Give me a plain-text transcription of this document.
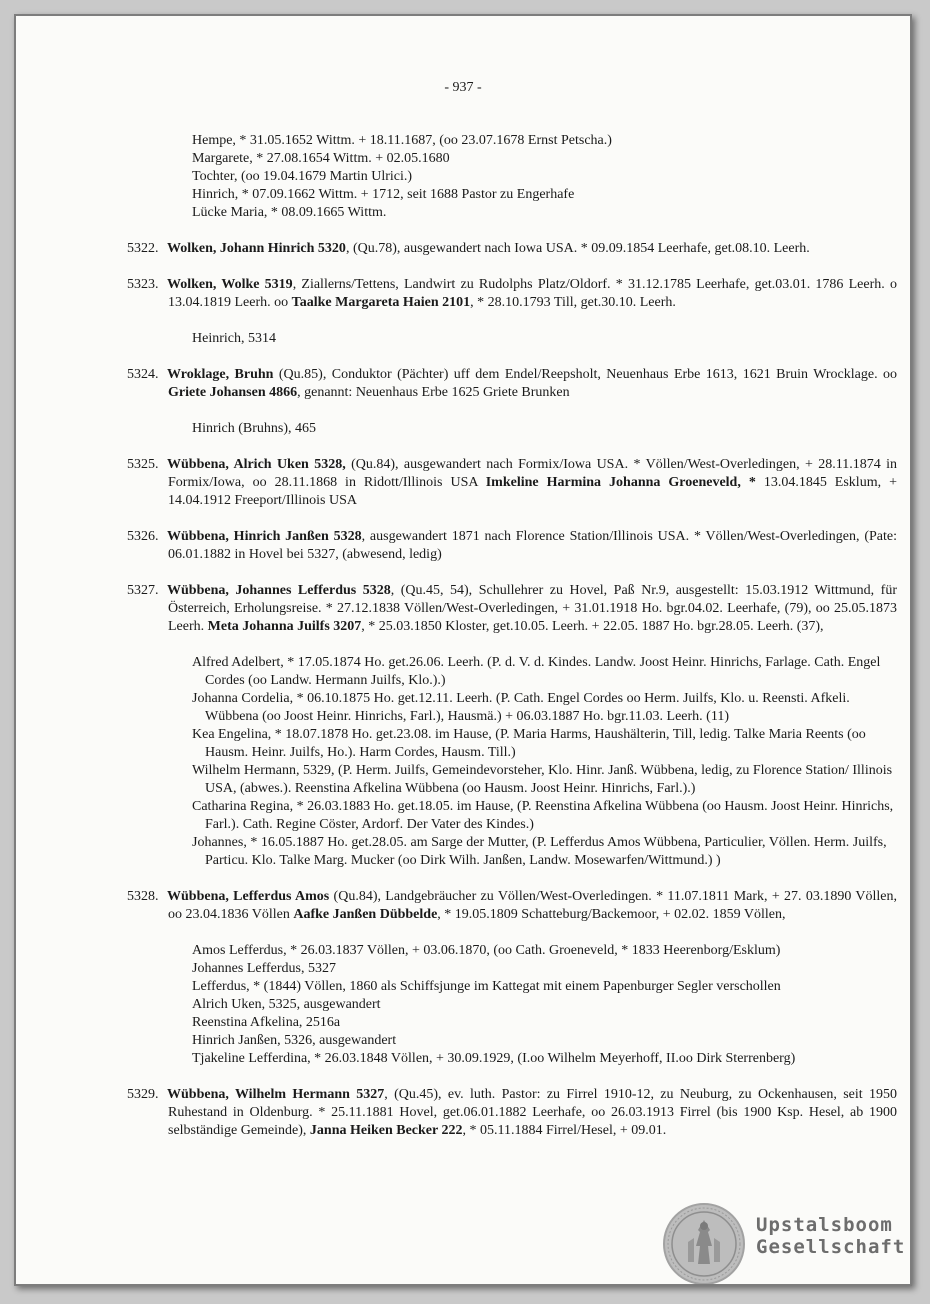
- 937 -
Hempe, * 31.05.1652 Wittm. + 18.11.1687, (oo 23.07.1678 Ernst Petscha.)
Margarete, * 27.08.1654 Wittm. + 02.05.1680
Tochter, (oo 19.04.1679 Martin Ulrici.)
Hinrich, * 07.09.1662 Wittm. + 1712, seit 1688 Pastor zu Engerhafe
Lücke Maria, * 08.09.1665 Wittm.
5322. Wolken, Johann Hinrich 5320, (Qu.78), ausgewandert nach Iowa USA. * 09.09.1854 Leerhafe, get.08.10. Leerh.
5323. Wolken, Wolke 5319, Ziallerns/Tettens, Landwirt zu Rudolphs Platz/Oldorf. * 31.12.1785 Leerhafe, get.03.01. 1786 Leerh. o 13.04.1819 Leerh. oo Taalke Margareta Haien 2101, * 28.10.1793 Till, get.30.10. Leerh.
Heinrich, 5314
5324. Wroklage, Bruhn (Qu.85), Conduktor (Pächter) uff dem Endel/Reepsholt, Neuenhaus Erbe 1613, 1621 Bruin Wrocklage. oo Griete Johansen 4866, genannt: Neuenhaus Erbe 1625 Griete Brunken
Hinrich (Bruhns), 465
5325. Wübbena, Alrich Uken 5328, (Qu.84), ausgewandert nach Formix/Iowa USA. * Völlen/West-Overledingen, + 28.11.1874 in Formix/Iowa, oo 28.11.1868 in Ridott/Illinois USA Imkeline Harmina Johanna Groeneveld, * 13.04.1845 Esklum, + 14.04.1912 Freeport/Illinois USA
5326. Wübbena, Hinrich Janßen 5328, ausgewandert 1871 nach Florence Station/Illinois USA. * Völlen/West-Overledingen, (Pate: 06.01.1882 in Hovel bei 5327, (abwesend, ledig)
5327. Wübbena, Johannes Lefferdus 5328, (Qu.45, 54), Schullehrer zu Hovel, Paß Nr.9, ausgestellt: 15.03.1912 Wittmund, für Österreich, Erholungsreise. * 27.12.1838 Völlen/West-Overledingen, + 31.01.1918 Ho. bgr.04.02. Leerhafe, (79), oo 25.05.1873 Leerh. Meta Johanna Juilfs 3207, * 25.03.1850 Kloster, get.10.05. Leerh. + 22.05. 1887 Ho. bgr.28.05. Leerh. (37),
Alfred Adelbert, * 17.05.1874 Ho. get.26.06. Leerh. (P. d. V. d. Kindes. Landw. Joost Heinr. Hinrichs, Farlage. Cath. Engel Cordes (oo Landw. Hermann Juilfs, Klo.).)
Johanna Cordelia, * 06.10.1875 Ho. get.12.11. Leerh. (P. Cath. Engel Cordes oo Herm. Juilfs, Klo. u. Reensti. Afkeli. Wübbena (oo Joost Heinr. Hinrichs, Farl.), Hausmä.) + 06.03.1887 Ho. bgr.11.03. Leerh. (11)
Kea Engelina, * 18.07.1878 Ho. get.23.08. im Hause, (P. Maria Harms, Haushälterin, Till, ledig. Talke Maria Reents (oo Hausm. Heinr. Juilfs, Ho.). Harm Cordes, Hausm. Till.)
Wilhelm Hermann, 5329, (P. Herm. Juilfs, Gemeindevorsteher, Klo. Hinr. Janß. Wübbena, ledig, zu Florence Station/ Illinois USA, (abwes.). Reenstina Afkelina Wübbena (oo Hausm. Joost Heinr. Hinrichs, Farl.).)
Catharina Regina, * 26.03.1883 Ho. get.18.05. im Hause, (P. Reenstina Afkelina Wübbena (oo Hausm. Joost Heinr. Hinrichs, Farl.). Cath. Regine Cöster, Ardorf. Der Vater des Kindes.)
Johannes, * 16.05.1887 Ho. get.28.05. am Sarge der Mutter, (P. Lefferdus Amos Wübbena, Particulier, Völlen. Herm. Juilfs, Particu. Klo. Talke Marg. Mucker (oo Dirk Wilh. Janßen, Landw. Mosewarfen/Wittmund.) )
5328. Wübbena, Lefferdus Amos (Qu.84), Landgebräucher zu Völlen/West-Overledingen. * 11.07.1811 Mark, + 27. 03.1890 Völlen, oo 23.04.1836 Völlen Aafke Janßen Dübbelde, * 19.05.1809 Schatteburg/Backemoor, + 02.02. 1859 Völlen,
Amos Lefferdus, * 26.03.1837 Völlen, + 03.06.1870, (oo Cath. Groeneveld, * 1833 Heerenborg/Esklum)
Johannes Lefferdus, 5327
Lefferdus, * (1844) Völlen, 1860 als Schiffsjunge im Kattegat mit einem Papenburger Segler verschollen
Alrich Uken, 5325, ausgewandert
Reenstina Afkelina, 2516a
Hinrich Janßen, 5326, ausgewandert
Tjakeline Lefferdina, * 26.03.1848 Völlen, + 30.09.1929, (I.oo Wilhelm Meyerhoff, II.oo Dirk Sterrenberg)
5329. Wübbena, Wilhelm Hermann 5327, (Qu.45), ev. luth. Pastor: zu Firrel 1910-12, zu Neuburg, zu Ockenhausen, seit 1950 Ruhestand in Oldenburg. * 25.11.1881 Hovel, get.06.01.1882 Leerhafe, oo 26.03.1913 Firrel (bis 1900 Ksp. Hesel, ab 1900 selbständige Gemeinde), Janna Heiken Becker 222, * 05.11.1884 Firrel/Hesel, + 09.01.
Upstalsboom
Gesellschaft
